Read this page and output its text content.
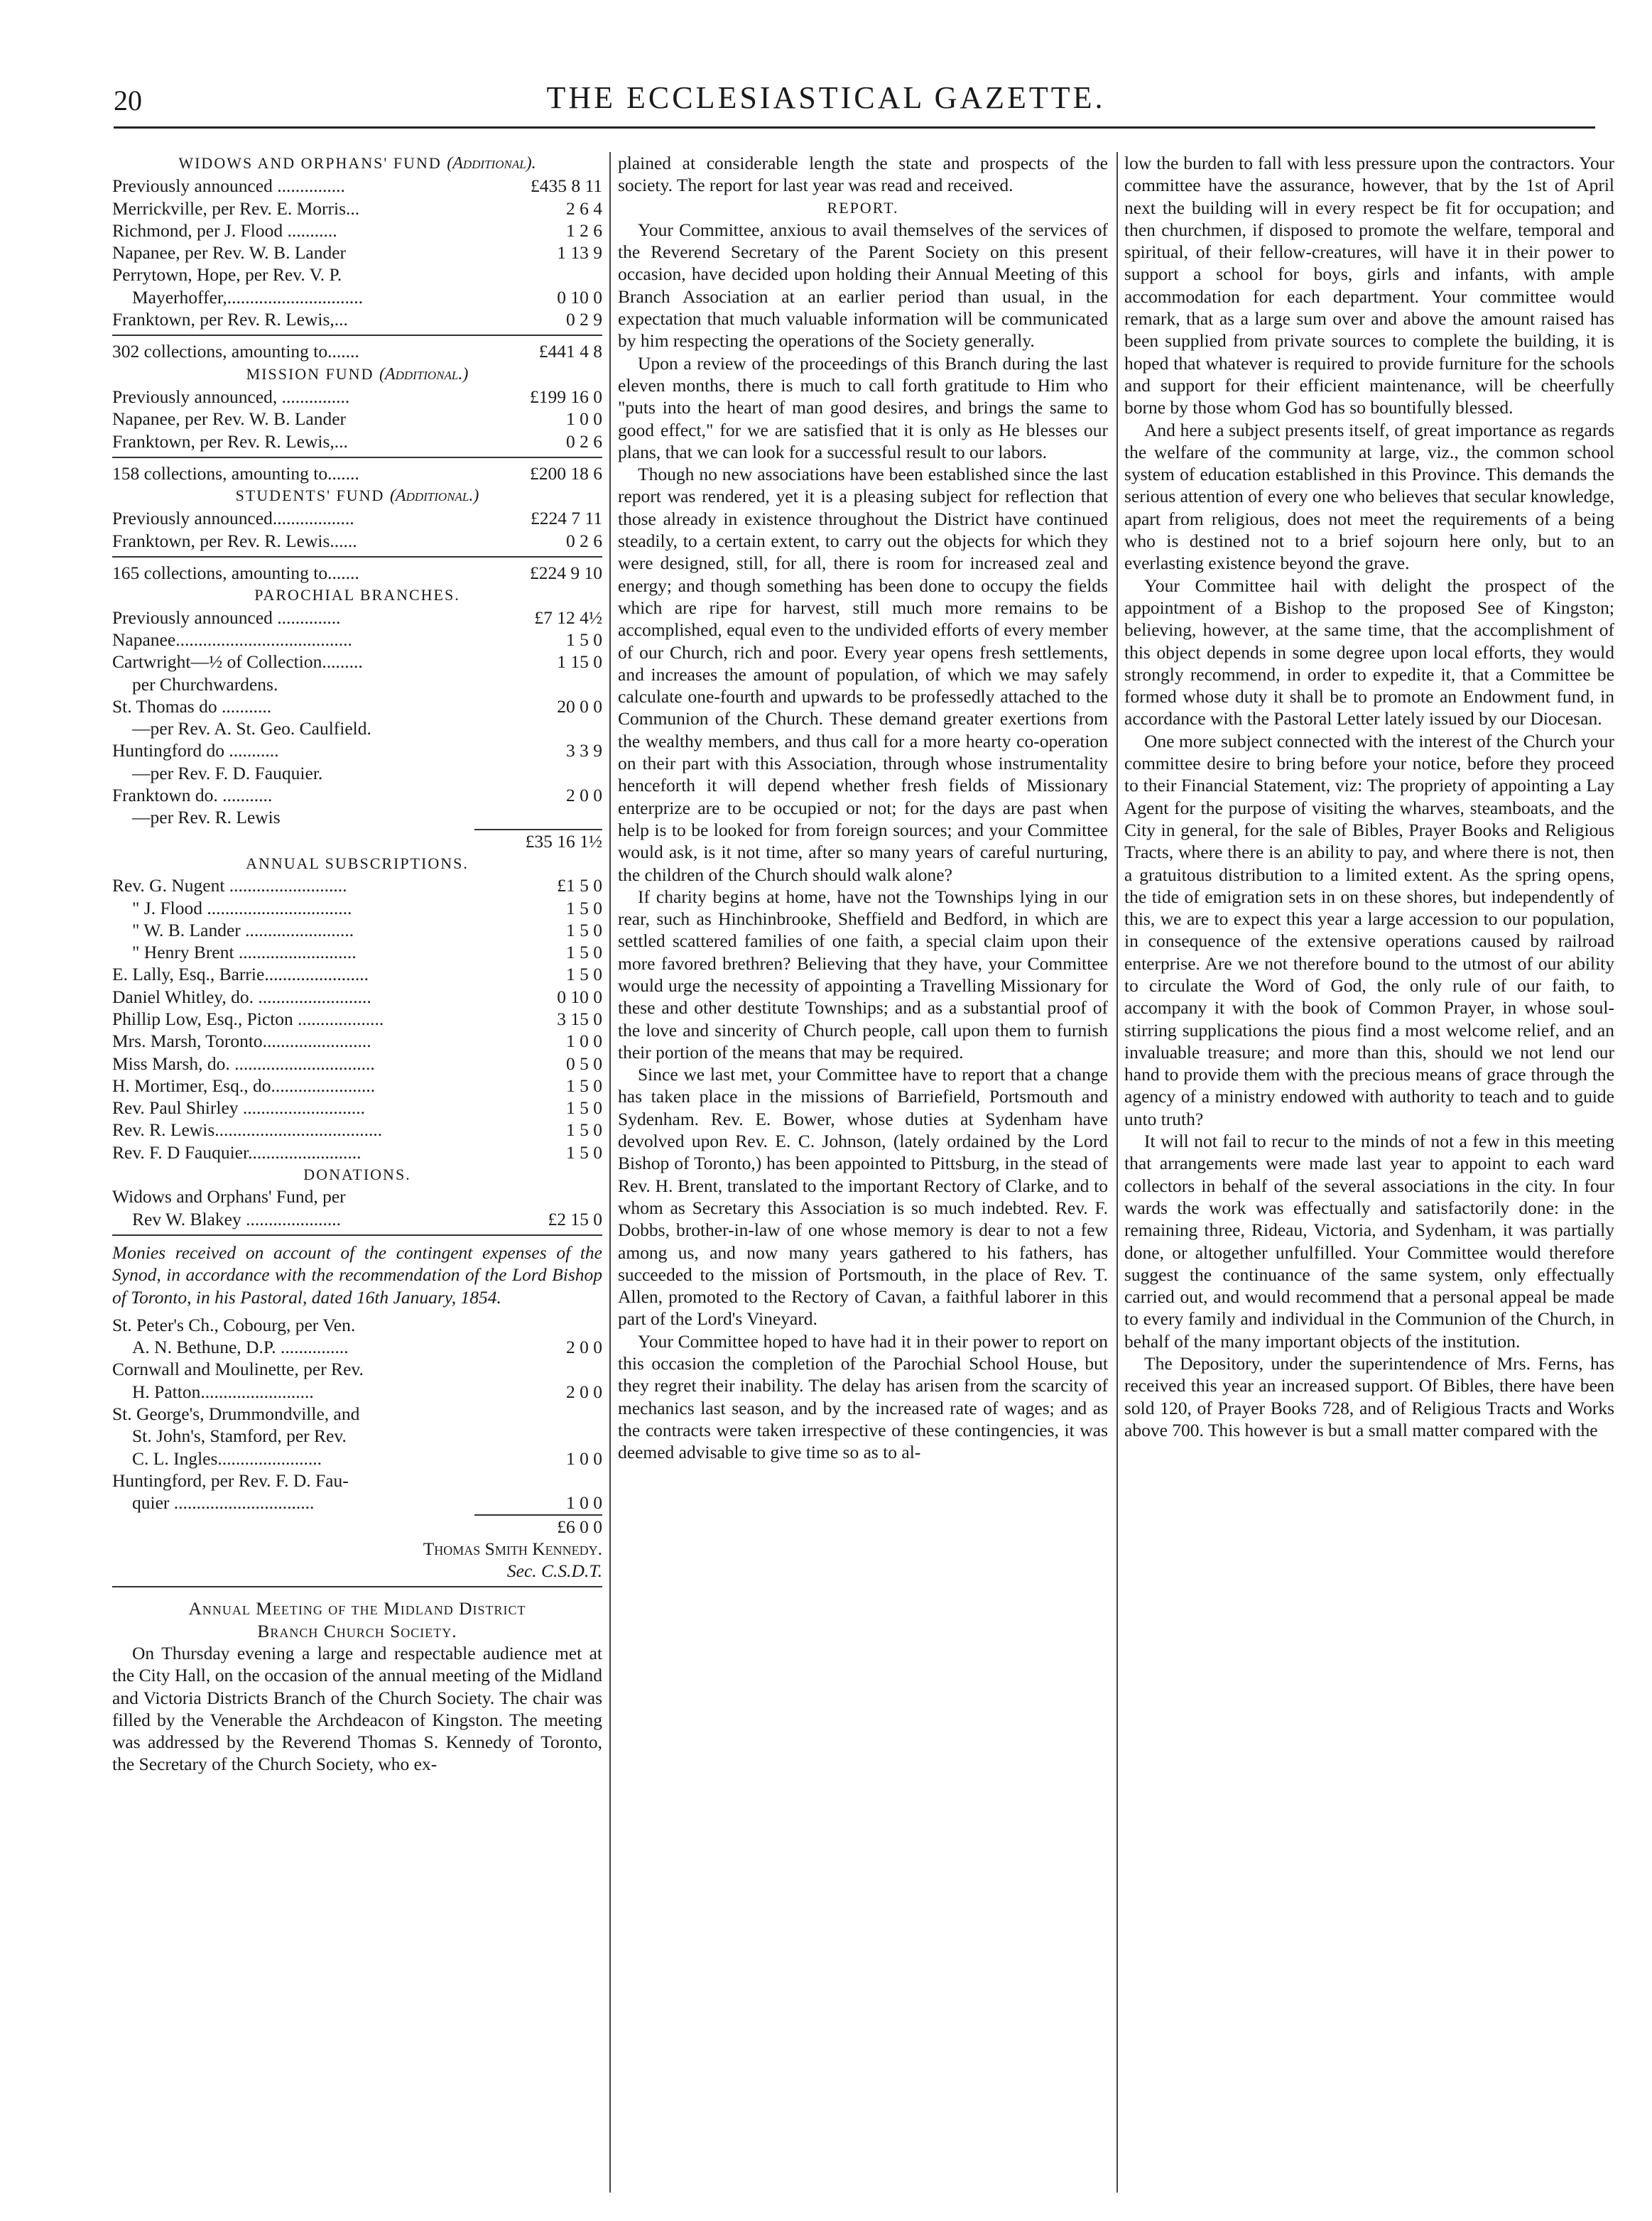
20	THE ECCLESIASTICAL GAZETTE.
WIDOWS AND ORPHANS' FUND (Additional).
Previously announced ...............	£435 8 11
Merrickville, per Rev. E. Morris...	2 6 4
Richmond, per J. Flood ...........	1 2 6
Napanee, per Rev. W. B. Lander	1 13 9
Perrytown, Hope, per Rev. V. P.
Mayerhoffer,..............................	0 10 0
Franktown, per Rev. R. Lewis,...	0 2 9
302 collections, amounting to.......	£441 4 8
MISSION FUND (Additional.)
Previously announced, ...............	£199 16 0
Napanee, per Rev. W. B. Lander	1 0 0
Franktown, per Rev. R. Lewis,...	0 2 6
158 collections, amounting to.......	£200 18 6
STUDENTS' FUND (Additional.)
Previously announced..................	£224 7 11
Franktown, per Rev. R. Lewis......	0 2 6
165 collections, amounting to.......	£224 9 10
PAROCHIAL BRANCHES.
Previously announced ..............	£7 12 4½
Napanee.......................................	1 5 0
Cartwright—½ of Collection.........	1 15 0
per Churchwardens.
St. Thomas do ...........	20 0 0
—per Rev. A. St. Geo. Caulfield.
Huntingford do ...........	3 3 9
—per Rev. F. D. Fauquier.
Franktown do. ...........	2 0 0
—per Rev. R. Lewis
£35 16 1½
ANNUAL SUBSCRIPTIONS.
Rev. G. Nugent ..........................	£1 5 0
" J. Flood ................................	1 5 0
" W. B. Lander ........................	1 5 0
" Henry Brent ..........................	1 5 0
E. Lally, Esq., Barrie.......................	1 5 0
Daniel Whitley, do. .........................	0 10 0
Phillip Low, Esq., Picton ...................	3 15 0
Mrs. Marsh, Toronto........................	1 0 0
Miss Marsh, do. ...............................	0 5 0
H. Mortimer, Esq., do.......................	1 5 0
Rev. Paul Shirley ...........................	1 5 0
Rev. R. Lewis.....................................	1 5 0
Rev. F. D Fauquier.........................	1 5 0
DONATIONS.
Widows and Orphans' Fund, per
Rev W. Blakey .....................	£2 15 0
Monies received on account of the contingent expenses of the Synod, in accordance with the recommendation of the Lord Bishop of Toronto, in his Pastoral, dated 16th January, 1854.
St. Peter's Ch., Cobourg, per Ven.
A. N. Bethune, D.P. ...............	2 0 0
Cornwall and Moulinette, per Rev.
H. Patton.........................	2 0 0
St. George's, Drummondville, and
St. John's, Stamford, per Rev.
C. L. Ingles.......................	1 0 0
Huntingford, per Rev. F. D. Fau-
quier ...............................	1 0 0
£6 0 0
Thomas Smith Kennedy.
Sec. C.S.D.T.
Annual Meeting of the Midland District
Branch Church Society.

On Thursday evening a large and respectable audience met at the City Hall, on the occasion of the annual meeting of the Midland and Victoria Districts Branch of the Church Society. The chair was filled by the Venerable the Archdeacon of Kingston. The meeting was addressed by the Reverend Thomas S. Kennedy of Toronto, the Secretary of the Church Society, who ex-

plained at considerable length the state and prospects of the society. The report for last year was read and received.

REPORT.

Your Committee, anxious to avail themselves of the services of the Reverend Secretary of the Parent Society on this present occasion, have decided upon holding their Annual Meeting of this Branch Association at an earlier period than usual, in the expectation that much valuable information will be communicated by him respecting the operations of the Society generally.

Upon a review of the proceedings of this Branch during the last eleven months, there is much to call forth gratitude to Him who "puts into the heart of man good desires, and brings the same to good effect," for we are satisfied that it is only as He blesses our plans, that we can look for a successful result to our labors.

Though no new associations have been established since the last report was rendered, yet it is a pleasing subject for reflection that those already in existence throughout the District have continued steadily, to a certain extent, to carry out the objects for which they were designed, still, for all, there is room for increased zeal and energy; and though something has been done to occupy the fields which are ripe for harvest, still much more remains to be accomplished, equal even to the undivided efforts of every member of our Church, rich and poor. Every year opens fresh settlements, and increases the amount of population, of which we may safely calculate one-fourth and upwards to be professedly attached to the Communion of the Church. These demand greater exertions from the wealthy members, and thus call for a more hearty co-operation on their part with this Association, through whose instrumentality henceforth it will depend whether fresh fields of Missionary enterprize are to be occupied or not; for the days are past when help is to be looked for from foreign sources; and your Committee would ask, is it not time, after so many years of careful nurturing, the children of the Church should walk alone?

If charity begins at home, have not the Townships lying in our rear, such as Hinchinbrooke, Sheffield and Bedford, in which are settled scattered families of one faith, a special claim upon their more favored brethren? Believing that they have, your Committee would urge the necessity of appointing a Travelling Missionary for these and other destitute Townships; and as a substantial proof of the love and sincerity of Church people, call upon them to furnish their portion of the means that may be required.

Since we last met, your Committee have to report that a change has taken place in the missions of Barriefield, Portsmouth and Sydenham. Rev. E. Bower, whose duties at Sydenham have devolved upon Rev. E. C. Johnson, (lately ordained by the Lord Bishop of Toronto,) has been appointed to Pittsburg, in the stead of Rev. H. Brent, translated to the important Rectory of Clarke, and to whom as Secretary this Association is so much indebted. Rev. F. Dobbs, brother-in-law of one whose memory is dear to not a few among us, and now many years gathered to his fathers, has succeeded to the mission of Portsmouth, in the place of Rev. T. Allen, promoted to the Rectory of Cavan, a faithful laborer in this part of the Lord's Vineyard.

Your Committee hoped to have had it in their power to report on this occasion the completion of the Parochial School House, but they regret their inability. The delay has arisen from the scarcity of mechanics last season, and by the increased rate of wages; and as the contracts were taken irrespective of these contingencies, it was deemed advisable to give time so as to al-

low the burden to fall with less pressure upon the contractors. Your committee have the assurance, however, that by the 1st of April next the building will in every respect be fit for occupation; and then churchmen, if disposed to promote the welfare, temporal and spiritual, of their fellow-creatures, will have it in their power to support a school for boys, girls and infants, with ample accommodation for each department. Your committee would remark, that as a large sum over and above the amount raised has been supplied from private sources to complete the building, it is hoped that whatever is required to provide furniture for the schools and support for their efficient maintenance, will be cheerfully borne by those whom God has so bountifully blessed.

And here a subject presents itself, of great importance as regards the welfare of the community at large, viz., the common school system of education established in this Province. This demands the serious attention of every one who believes that secular knowledge, apart from religious, does not meet the requirements of a being who is destined not to a brief sojourn here only, but to an everlasting existence beyond the grave.

Your Committee hail with delight the prospect of the appointment of a Bishop to the proposed See of Kingston; believing, however, at the same time, that the accomplishment of this object depends in some degree upon local efforts, they would strongly recommend, in order to expedite it, that a Committee be formed whose duty it shall be to promote an Endowment fund, in accordance with the Pastoral Letter lately issued by our Diocesan.

One more subject connected with the interest of the Church your committee desire to bring before your notice, before they proceed to their Financial Statement, viz: The propriety of appointing a Lay Agent for the purpose of visiting the wharves, steamboats, and the City in general, for the sale of Bibles, Prayer Books and Religious Tracts, where there is an ability to pay, and where there is not, then a gratuitous distribution to a limited extent. As the spring opens, the tide of emigration sets in on these shores, but independently of this, we are to expect this year a large accession to our population, in consequence of the extensive operations caused by railroad enterprise. Are we not therefore bound to the utmost of our ability to circulate the Word of God, the only rule of our faith, to accompany it with the book of Common Prayer, in whose soul-stirring supplications the pious find a most welcome relief, and an invaluable treasure; and more than this, should we not lend our hand to provide them with the precious means of grace through the agency of a ministry endowed with authority to teach and to guide unto truth?

It will not fail to recur to the minds of not a few in this meeting that arrangements were made last year to appoint to each ward collectors in behalf of the several associations in the city. In four wards the work was effectually and satisfactorily done: in the remaining three, Rideau, Victoria, and Sydenham, it was partially done, or altogether unfulfilled. Your Committee would therefore suggest the continuance of the same system, only effectually carried out, and would recommend that a personal appeal be made to every family and individual in the Communion of the Church, in behalf of the many important objects of the institution.

The Depository, under the superintendence of Mrs. Ferns, has received this year an increased support. Of Bibles, there have been sold 120, of Prayer Books 728, and of Religious Tracts and Works above 700. This however is but a small matter compared with the
